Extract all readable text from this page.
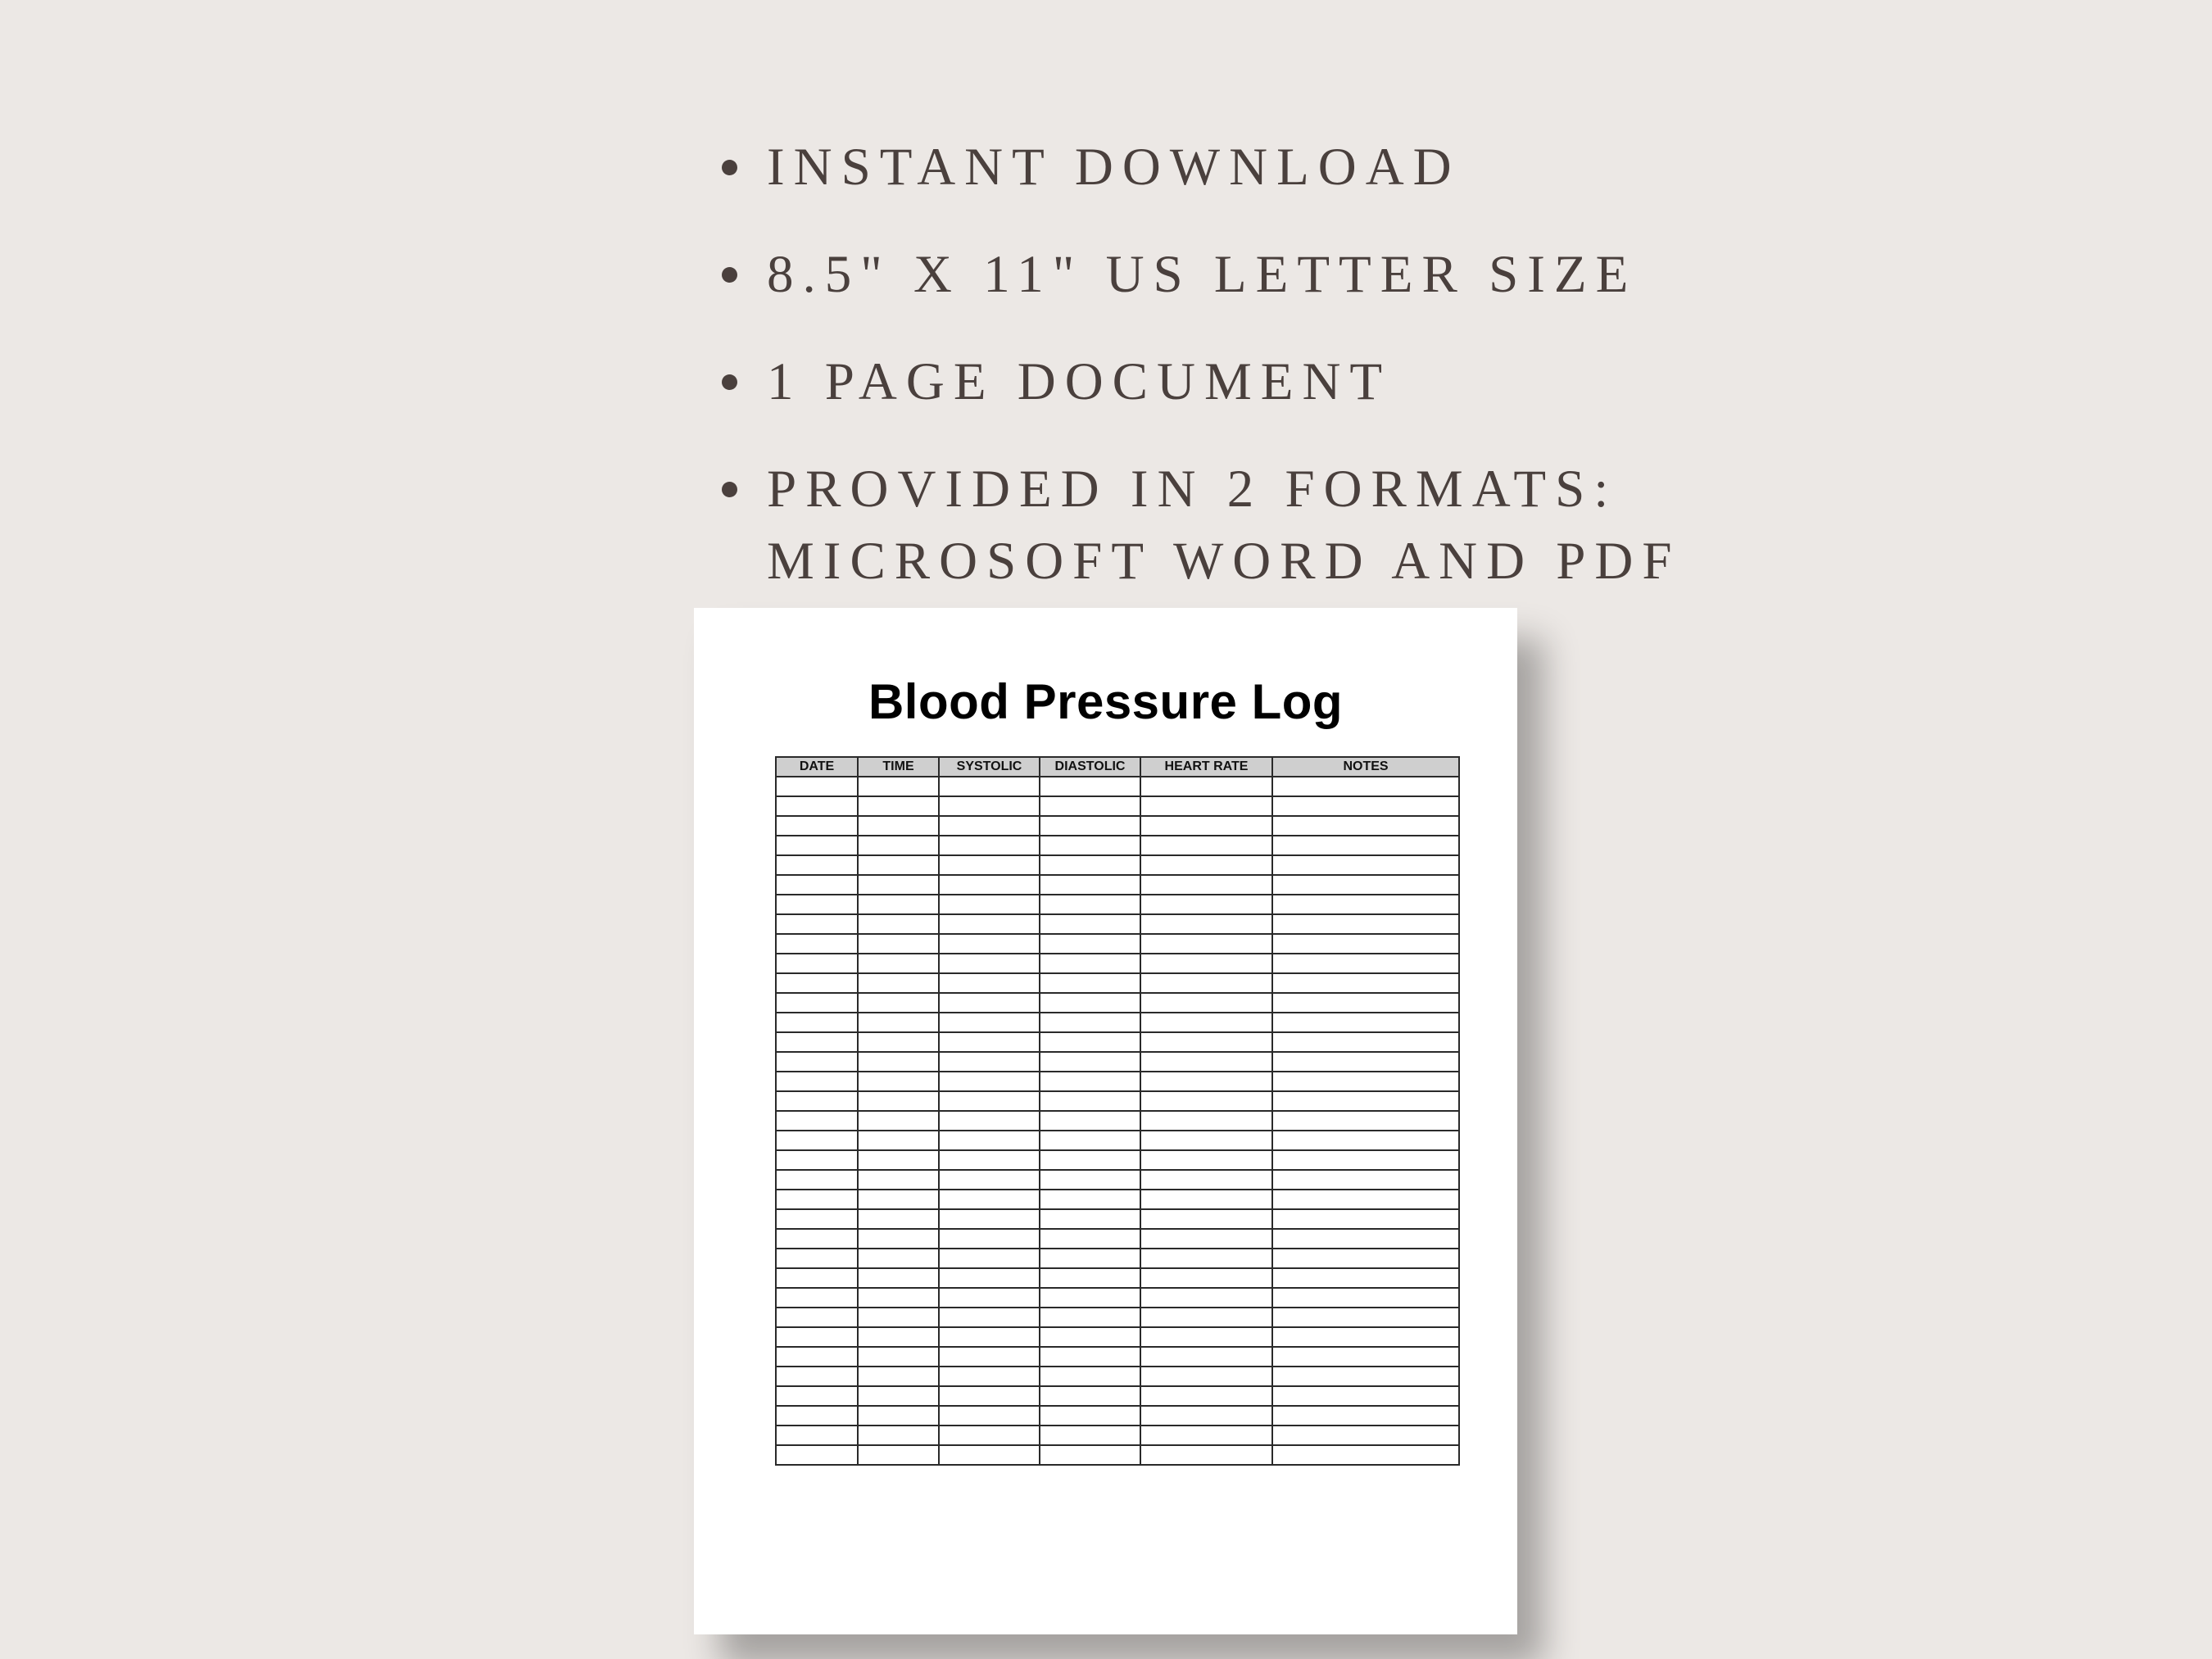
INSTANT DOWNLOAD
8.5" X 11" US LETTER SIZE
1 PAGE DOCUMENT
PROVIDED IN 2 FORMATS:
MICROSOFT WORD AND PDF
Blood Pressure Log
DATE	TIME	SYSTOLIC	DIASTOLIC	HEART RATE	NOTES
